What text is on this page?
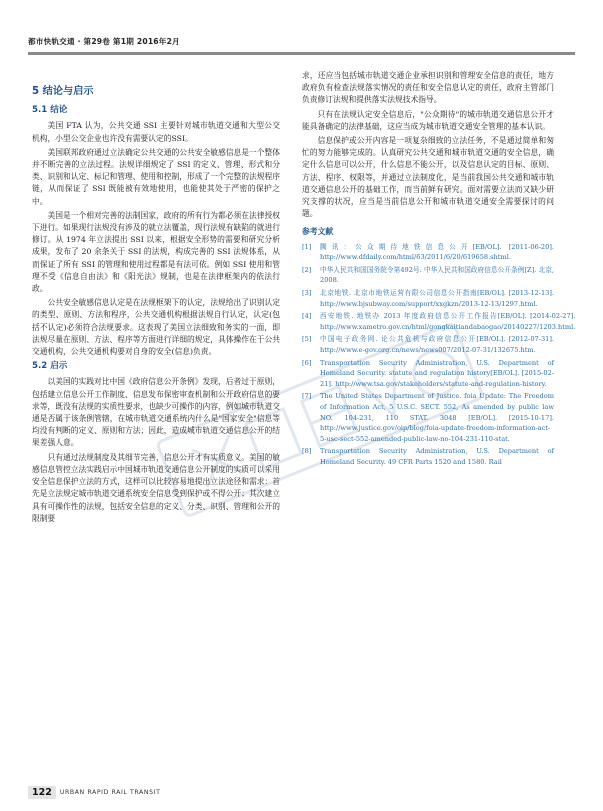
都市快轨交通 · 第29卷 第1期 2016年2月
5 结论与启示
5.1 结论

美国 FTA 认为，公共交通 SSI 主要针对城市轨道交通和大型公交机构，小型公交企业也许没有需要认定的SSI。

美国联邦政府通过立法确定公共交通的公共安全敏感信息是一个整体并不断完善的立法过程。法规详细规定了 SSI 的定义、管理、形式和分类、识别和认定、标记和管理、使用和控制，形成了一个完整的法规程序链，从而保证了 SSI 既能被有效地使用，也能使其处于严密的保护之中。

美国是一个相对完善的法制国家，政府的所有行为都必须在法律授权下进行。如果现行法规没有涉及的就立法覆盖，现行法规有缺陷的就进行修订。从 1974 年立法提出 SSI 以来，根据安全形势的需要和研究分析成果，发布了 20 余条关于 SSI 的法规，构成完善的 SSI 法规体系，从而保证了所有 SSI 的管理和使用过程都是有法可依。例如 SSI 使用和管理不受《信息自由法》和《阳光法》规制，也是在法律框架内的依法行政。

公共安全敏感信息认定是在法规框架下的认定，法规给出了识别认定的类型、原则、方法和程序，公共交通机构根据法规自行认定，认定(包括不认定)必须符合法规要求。这表现了美国立法细致和务实的一面，即法规尽量在原则、方法、程序等方面进行详细的规定，具体操作在于公共交通机构，公共交通机构要对自身的安全(信息)负责。

5.2 启示

以美国的实践对比中国《政府信息公开条例》发现，后者过于原则，包括建立信息公开工作制度、信息发布保密审查机制和公开政府信息的要求等，既没有法规的实质性要求，也缺少可操作的内容，例如城市轨道交通是否属于该条例管辖，在城市轨道交通系统内什么是"国家安全"信息等均没有判断的定义、原则和方法；因此，造成城市轨道交通信息公开的结果差强人意。

只有通过法规制度及其细节完善，信息公开才有实质意义。美国的敏感信息管控立法实践启示中国城市轨道交通信息公开制度的实质可以采用安全信息保护立法的方式，这样可以比较容易地提出立法途径和需求：首先是立法规定城市轨道交通系统安全信息受到保护或不得公开；其次建立具有可操作性的法规，包括安全信息的定义、分类、识别、管理和公开的限制要

求，还应当包括城市轨道交通企业承担识别和管理安全信息的责任，地方政府负有检查法规落实情况的责任和安全信息认定的责任，政府主管部门负责修订法规和提供落实法规技术指导。

只有在法规认定安全信息后，"公众期待"的城市轨道交通信息公开才能具备确定的法律基础，这应当成为城市轨道交通安全管理的基本认识。

信息保护或公开内容是一项复杂细致的立法任务，不是通过简单和匆忙的努力能够完成的。认真研究公共交通和城市轨道交通的安全信息，确定什么信息可以公开，什么信息不能公开，以及信息认定的目标、原则、方法、程序、权限等，并通过立法制度化，是当前我国公共交通和城市轨道交通信息公开的基础工作，而当前鲜有研究。面对需要立法而又缺少研究支撑的状况，应当是当前信息公开和城市轨道交通安全需要探讨的问题。

参考文献
[1]	腾讯：公众期待地铁信息公开[EB/OL]. [2011-06-20]. http://www.dfdaily.com/html/63/2011/6/20/619658.shtml.
[2]	中华人民共和国国务院令第492号. 中华人民共和国政府信息公开条例[Z]. 北京, 2008.
[3]	北京地铁. 北京市地铁运营有限公司信息公开指南[EB/OL]. [2013-12-13]. http://www.bjsubway.com/support/xxgkzn/2013-12-13/1297.html.
[4]	西安地铁. 地铁办 2013 年度政府信息公开工作报告[EB/OL]. [2014-02-27]. http://www.xametro.gov.cn/html/gongkaitiandabaogao/20140227/1203.html.
[5]	中国电子政务网. 论公共危机与政府信息公开[EB/OL]. [2012-07-31]. http://www.e-gov.org.cn/news/news007/2012-07-31/132675.htm.
[6]	Transportation Security Administration, U.S. Department of Homeland Security. statute and regulation history[EB/OL]. [2015-02-21]. http://www.tsa.gov/stakeholders/statute-and-regulation-history.
[7]	The United States Department of Justice. foia Update: The Freedom of Information Act, 5 U.S.C. SECT. 552, As amended by public law NO. 104-231, 110 STAT. 3048 [EB/OL]. [2015-10-17]. http://www.justice.gov/oip/blog/foia-update-freedom-information-act-5-usc-sect-552-amended-public-law-no-104-231-110-stat.
[8]	Transportation Security Administration, U.S. Department of Homeland Security. 49 CFR Parts 1520 and 1580. Rail
122	URBAN RAPID RAIL TRANSIT
